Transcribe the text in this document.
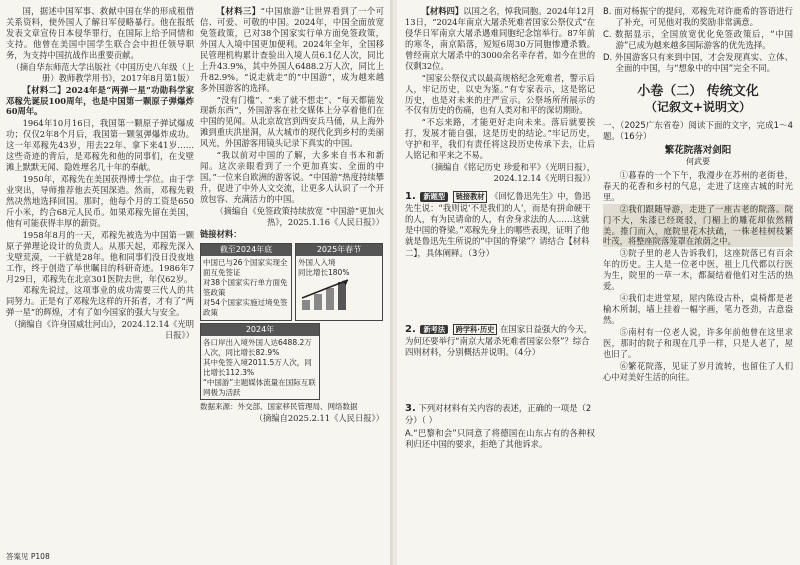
国，据述中国军事、救献中国在华的形成租借关系资料，使外国人了解日军侵略暴行。他在报纸发表文章宣传日本侵华罪行，在国际上给予同情和支持。他曾在美国中国学生联合会中担任领导职务，为支持中国抗战作出重要贡献。

（摘自华东师范大学出版社《中国历史八年级（上册）教师教学用书》，2017年8月第1版）

【材料二】2024年是“两弹一星”功勋科学家邓稼先诞辰100周年，也是中国第一颗原子弹爆炸60周年。

1964年10月16日，我国第一颗原子弹试爆成功；仅仅2年8个月后，我国第一颗氢弹爆炸成功。这一年邓稼先43岁，用去22年、拿下来41岁……这些奇迹的背后，是邓稼先和他的同事们，在戈壁滩上默默无闻、隐姓埋名几十年的奉献。

1950年，邓稼先在美国获得博士学位。由于学业突出，导师推荐他去英国深造。然而，邓稼先毅然决然地选择回国。那时，他每个月的工资是650斤小米，约合68元人民币。如果邓稼先留在美国，他有可能获得丰厚的薪资。

1958年8月的一天，邓稼先被选为中国第一颗原子弹理论设计的负责人。从那天起，邓稼先深入戈壁荒漠，一干就是28年。他和同事们没日没夜地工作，终于创造了举世瞩目的科研奇迹。1986年7月29日，邓稼先在北京301医院去世，年仅62岁。

邓稼先说过，这项事业的成功需要三代人的共同努力。正是有了邓稼先这样的开拓者，才有了“两弹一星”的辉煌，才有了如今国家的强大与安全。

（摘编自《许身国威壮河山》，2024.12.14《光明日报》）

【材料三】“中国旅游”让世界看到了一个可信、可爱、可敬的中国。2024年，中国全面放宽免签政策，已对38个国家实行单方面免签政策，外国人入境中国更加便利。2024年全年，全国移民管理机构累计查验出入境人员6.1亿人次，同比上升43.9%，其中外国人6488.2万人次，同比上升82.9%。“说走就走”的“中国游”，成为越来越多外国游客的选择。

“没有门槛”、“来了就不想走”、“每天都能发现新东西”，外国游客在社交媒体上分享着他们在中国的见闻。从北京故宫到西安兵马俑，从上海外滩到重庆洪崖洞，从大城市的现代化到乡村的美丽风光，外国游客用镜头记录下真实的中国。

“我以前对中国的了解，大多来自书本和新闻。这次亲眼看到了一个更加真实、全面的中国。”一位来自欧洲的游客说。“中国游”热度持续攀升，促进了中外人文交流，让更多人认识了一个开放包容、充满活力的中国。

（摘编自《免签政策持续放宽 “中国游”更加火热》，2025.1.16《人民日报》）

链接材料：

截至2024年底
中国已与26个国家实现全面互免签证
对38个国家实行单方面免签政策
对54个国家实施过境免签政策
2025年春节
外国人入境
同比增长180%
2024年
各口岸出入境外国人达6488.2万人次，同比增长82.9%
其中免签入境2011.5万人次，同比增长112.3%
“中国游”主题媒体流量在国际互联网极为活跃

数据来源：外交部、国家移民管理局、网络数据

（摘编自2025.2.11《人民日报》）

答案见 P108

【材料四】以国之名，悼我同胞。2024年12月13日，“2024年南京大屠杀死难者国家公祭仪式”在侵华日军南京大屠杀遇难同胞纪念馆举行。87年前的寒冬，南京陷落，短短6周30万同胞惨遭杀戮。曾经南京大屠杀中的3000余名幸存者，如今在世的仅剩32位。

“国家公祭仪式以最高规格纪念死难者，警示后人，牢记历史，以史为鉴。”有专家表示，这是铭记历史，也是对未来的庄严宣示。公祭场所所展示的不仅有历史的伤痛，也有人类对和平的深切期盼。

“不忘来路，才能更好走向未来。落后就要挨打，发展才能自强，这是历史的结论。”牢记历史，守护和平，我们有责任将这段历史传承下去，让后人铭记和平来之不易。

（摘编自《铭记历史 珍爱和平》（光明日报），2024.12.14《光明日报》）

1. 新题型 链接教材 《回忆鲁迅先生》中，鲁迅先生说：“我则说‘不是我们的人’，而是有拼命硬干的人，有为民请命的人，有舍身求法的人……这就是中国的脊梁。”邓稼先身上的哪些表现，证明了他就是鲁迅先生所说的“中国的脊梁”？请结合【材料二】，具体阐释。（3分）
2. 新考法 跨学科·历史 在国家日益强大的今天，为何还要举行“南京大屠杀死难者国家公祭”？综合四则材料，分别概括并说明。（4分）
3. 下列对材料有关内容的表述，正确的一项是（2分）（ ）

A.“巴黎和会”只同意了将德国在山东占有的各种权利归还中国的要求，拒绝了其他诉求。

B. 面对杨振宁的提问，邓稼先对许鹿希的答语进行了补充，可见他对我的奖励非常满意。

C. 数据显示，全国放宽优化免签政策后，“中国游”已成为越来越多国际游客的优先选择。

D. 外国游客只有来到中国，才会发现真实、立体、全面的中国，与“想象中的中国”完全不同。

小卷（二） 传统文化
（记叙文+说明文）

一、（2025广东省卷）阅读下面的文字，完成1～4题。（16分）

繁花院落对剑阳
何武要

①暮春的一个下午，我漫步在苏州的老街巷，春天的花香和乡村的气息，走进了这座古城的时光里。

②我们跟随导游，走进了一座古老的院落。院门不大，朱漆已经斑驳，门楣上的雕花却依然精美。推门而入，庭院里花木扶疏，一株老桂树枝繁叶茂，将整座院落笼罩在浓荫之中。

③院子里的老人告诉我们，这座院落已有百余年的历史。主人是一位老中医，祖上几代都以行医为生，院里的一草一木，都凝结着他们对生活的热爱。

④我们走进堂屋，屋内陈设古朴，桌椅都是老榆木所制，墙上挂着一幅字画，笔力苍劲，古意盎然。

⑤南村有一位老人说，许多年前他曾在这里求医，那时的院子和现在几乎一样，只是人老了，屋也旧了。

⑥繁花院落，见证了岁月流转，也留住了人们心中对美好生活的向往。
